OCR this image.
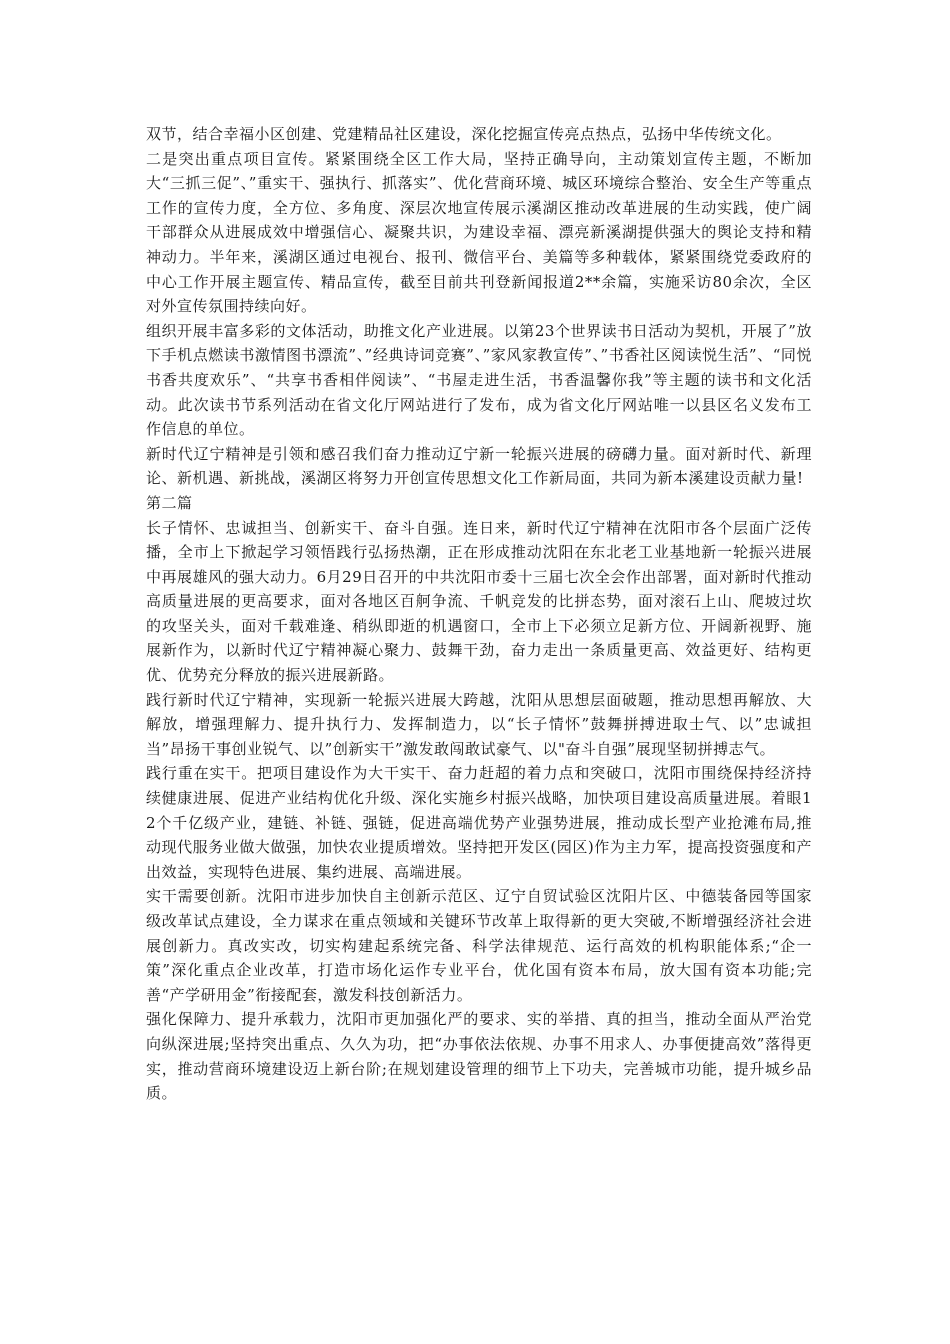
双节，结合幸福小区创建、党建精品社区建设，深化挖掘宣传亮点热点，弘扬中华传统文化。

二是突出重点项目宣传。紧紧围绕全区工作大局，坚持正确导向，主动策划宣传主题，不断加大“三抓三促”、”重实干、强执行、抓落实”、优化营商环境、城区环境综合整治、安全生产等重点工作的宣传力度，全方位、多角度、深层次地宣传展示溪湖区推动改革进展的生动实践，使广阔干部群众从进展成效中增强信心、凝聚共识，为建设幸福、漂亮新溪湖提供强大的舆论支持和精神动力。半年来，溪湖区通过电视台、报刊、微信平台、美篇等多种载体，紧紧围绕党委政府的中心工作开展主题宣传、精品宣传，截至目前共刊登新闻报道2**余篇，实施采访80余次，全区对外宣传氛围持续向好。

组织开展丰富多彩的文体活动，助推文化产业进展。以第23个世界读书日活动为契机，开展了”放下手机点燃读书激情图书漂流”、”经典诗词竞赛”、”家风家教宣传”、”书香社区阅读悦生活”、“同悦书香共度欢乐”、“共享书香相伴阅读”、“书屋走进生活，书香温馨你我”等主题的读书和文化活动。此次读书节系列活动在省文化厅网站进行了发布，成为省文化厅网站唯一以县区名义发布工作信息的单位。

新时代辽宁精神是引领和感召我们奋力推动辽宁新一轮振兴进展的磅礴力量。面对新时代、新理论、新机遇、新挑战，溪湖区将努力开创宣传思想文化工作新局面，共同为新本溪建设贡献力量!

第二篇

长子情怀、忠诚担当、创新实干、奋斗自强。连日来，新时代辽宁精神在沈阳市各个层面广泛传播，全市上下掀起学习领悟践行弘扬热潮，正在形成推动沈阳在东北老工业基地新一轮振兴进展中再展雄风的强大动力。6月29日召开的中共沈阳市委十三届七次全会作出部署，面对新时代推动高质量进展的更高要求，面对各地区百舸争流、千帆竞发的比拼态势，面对滚石上山、爬坡过坎的攻坚关头，面对千载难逢、稍纵即逝的机遇窗口，全市上下必须立足新方位、开阔新视野、施展新作为，以新时代辽宁精神凝心聚力、鼓舞干劲，奋力走出一条质量更高、效益更好、结构更优、优势充分释放的振兴进展新路。

践行新时代辽宁精神，实现新一轮振兴进展大跨越，沈阳从思想层面破题，推动思想再解放、大解放，增强理解力、提升执行力、发挥制造力，以“长子情怀”鼓舞拼搏进取士气、以”忠诚担当”昂扬干事创业锐气、以”创新实干”激发敢闯敢试豪气、以"奋斗自强”展现坚韧拼搏志气。

践行重在实干。把项目建设作为大干实干、奋力赶超的着力点和突破口，沈阳市围绕保持经济持续健康进展、促进产业结构优化升级、深化实施乡村振兴战略，加快项目建设高质量进展。着眼12个千亿级产业，建链、补链、强链，促进高端优势产业强势进展，推动成长型产业抢滩布局,推动现代服务业做大做强，加快农业提质增效。坚持把开发区(园区)作为主力军，提高投资强度和产出效益，实现特色进展、集约进展、高端进展。

实干需要创新。沈阳市进步加快自主创新示范区、辽宁自贸试验区沈阳片区、中德装备园等国家级改革试点建设，全力谋求在重点领域和关键环节改革上取得新的更大突破,不断增强经济社会进展创新力。真改实改，切实构建起系统完备、科学法律规范、运行高效的机构职能体系;“企一策”深化重点企业改革，打造市场化运作专业平台，优化国有资本布局，放大国有资本功能;完善“产学研用金”衔接配套，激发科技创新活力。

强化保障力、提升承载力，沈阳市更加强化严的要求、实的举措、真的担当，推动全面从严治党向纵深进展;坚持突出重点、久久为功，把“办事依法依规、办事不用求人、办事便捷高效”落得更实，推动营商环境建设迈上新台阶;在规划建设管理的细节上下功夫，完善城市功能，提升城乡品质。
